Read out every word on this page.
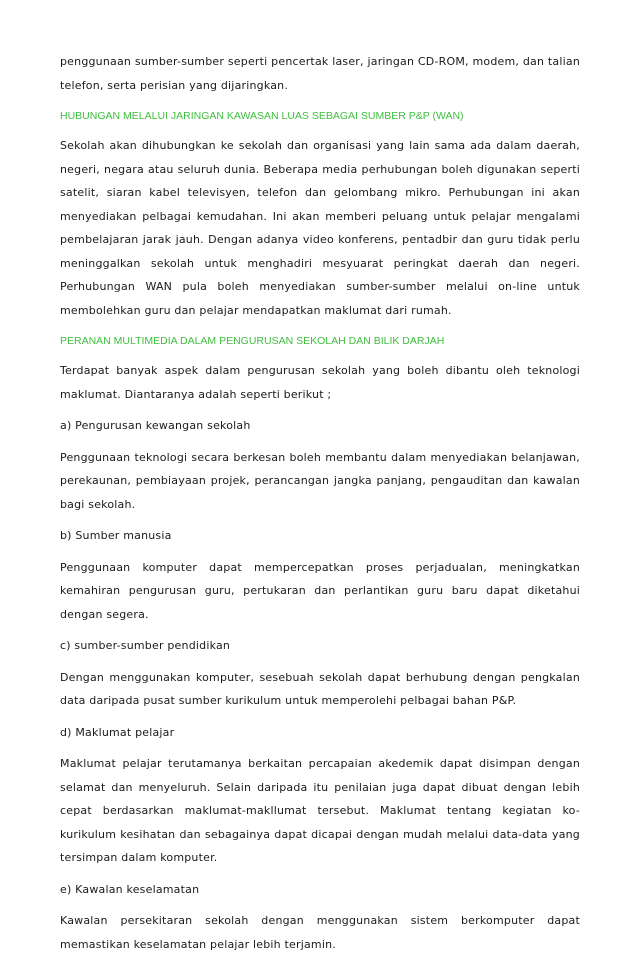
penggunaan sumber-sumber seperti pencertak laser, jaringan CD-ROM, modem, dan talian telefon, serta perisian yang dijaringkan.

HUBUNGAN MELALUI JARINGAN KAWASAN LUAS SEBAGAI SUMBER P&P (WAN)

Sekolah akan dihubungkan ke sekolah dan organisasi yang lain sama ada dalam daerah, negeri, negara atau seluruh dunia. Beberapa media perhubungan boleh digunakan seperti satelit, siaran kabel televisyen, telefon dan gelombang mikro. Perhubungan ini akan menyediakan pelbagai kemudahan. Ini akan memberi peluang untuk pelajar mengalami pembelajaran jarak jauh. Dengan adanya video konferens, pentadbir dan guru tidak perlu meninggalkan sekolah untuk menghadiri mesyuarat peringkat daerah dan negeri. Perhubungan WAN pula boleh menyediakan sumber-sumber melalui on-line untuk membolehkan guru dan pelajar mendapatkan maklumat dari rumah.

PERANAN MULTIMEDIA DALAM PENGURUSAN SEKOLAH DAN BILIK DARJAH

Terdapat banyak aspek dalam pengurusan sekolah yang boleh dibantu oleh teknologi maklumat. Diantaranya adalah seperti berikut ;

a) Pengurusan kewangan sekolah

Penggunaan teknologi secara berkesan boleh membantu dalam menyediakan belanjawan, perekaunan, pembiayaan projek, perancangan jangka panjang, pengauditan dan kawalan bagi sekolah.

b) Sumber manusia

Penggunaan komputer dapat mempercepatkan proses perjadualan, meningkatkan kemahiran pengurusan guru, pertukaran dan perlantikan guru baru dapat diketahui dengan segera.

c) sumber-sumber pendidikan

Dengan menggunakan komputer, sesebuah sekolah dapat berhubung dengan pengkalan data daripada pusat sumber kurikulum untuk memperolehi pelbagai bahan P&P.

d) Maklumat pelajar

Maklumat pelajar terutamanya berkaitan percapaian akedemik dapat disimpan dengan selamat dan menyeluruh. Selain daripada itu penilaian juga dapat dibuat dengan lebih cepat berdasarkan maklumat-makllumat tersebut. Maklumat tentang kegiatan ko-kurikulum kesihatan dan sebagainya dapat dicapai dengan mudah melalui data-data yang tersimpan dalam komputer.

e) Kawalan keselamatan

Kawalan persekitaran sekolah dengan menggunakan sistem berkomputer dapat memastikan keselamatan pelajar lebih terjamin.
